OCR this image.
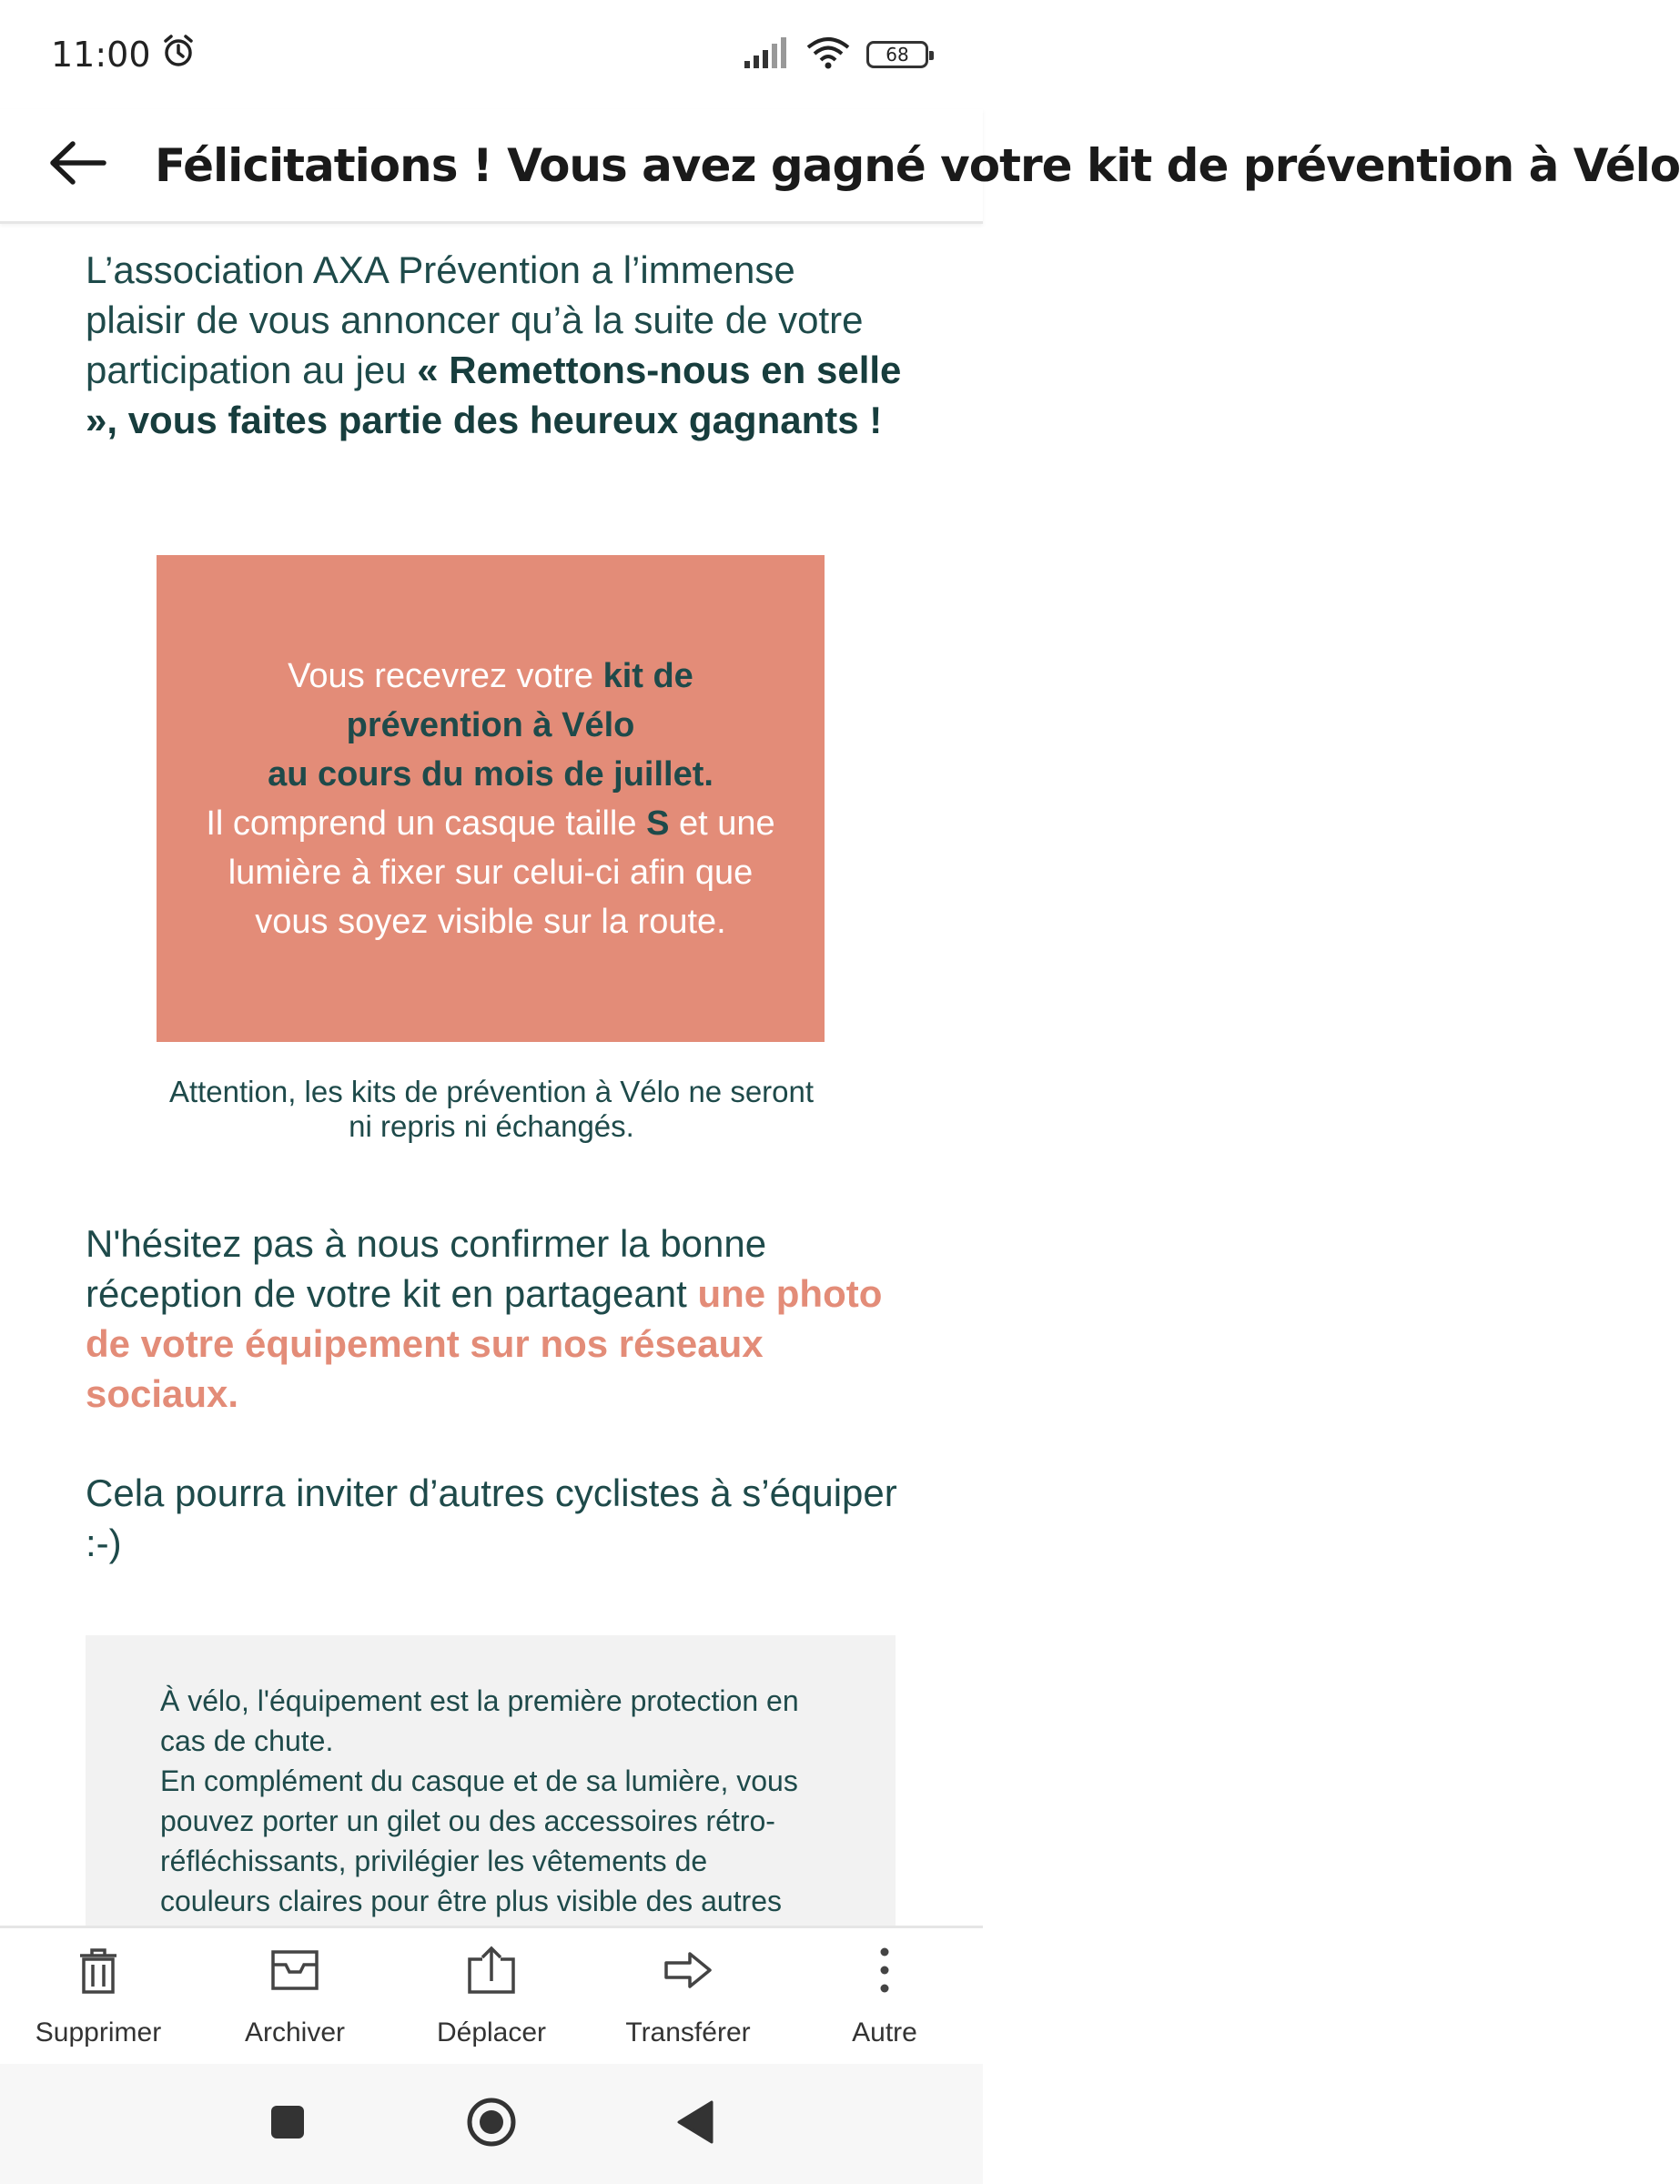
11:00	68
Félicitations ! Vous avez gagné votre kit de prévention à Vélo

L’association AXA Prévention a l’immense plaisir de vous annoncer qu’à la suite de votre participation au jeu « Remettons-nous en selle », vous faites partie des heureux gagnants !

Vous recevrez votre kit de prévention à Vélo
au cours du mois de juillet.
Il comprend un casque taille S et une lumière à fixer sur celui-ci afin que vous soyez visible sur la route.

Attention, les kits de prévention à Vélo ne seront ni repris ni échangés.

N'hésitez pas à nous confirmer la bonne réception de votre kit en partageant une photo de votre équipement sur nos réseaux sociaux.

Cela pourra inviter d’autres cyclistes à s’équiper :-)

À vélo, l'équipement est la première protection en cas de chute.

En complément du casque et de sa lumière, vous pouvez porter un gilet ou des accessoires rétro-réfléchissants, privilégier les vêtements de couleurs claires pour être plus visible des autres

Supprimer	Archiver	Déplacer	Transférer	Autre
